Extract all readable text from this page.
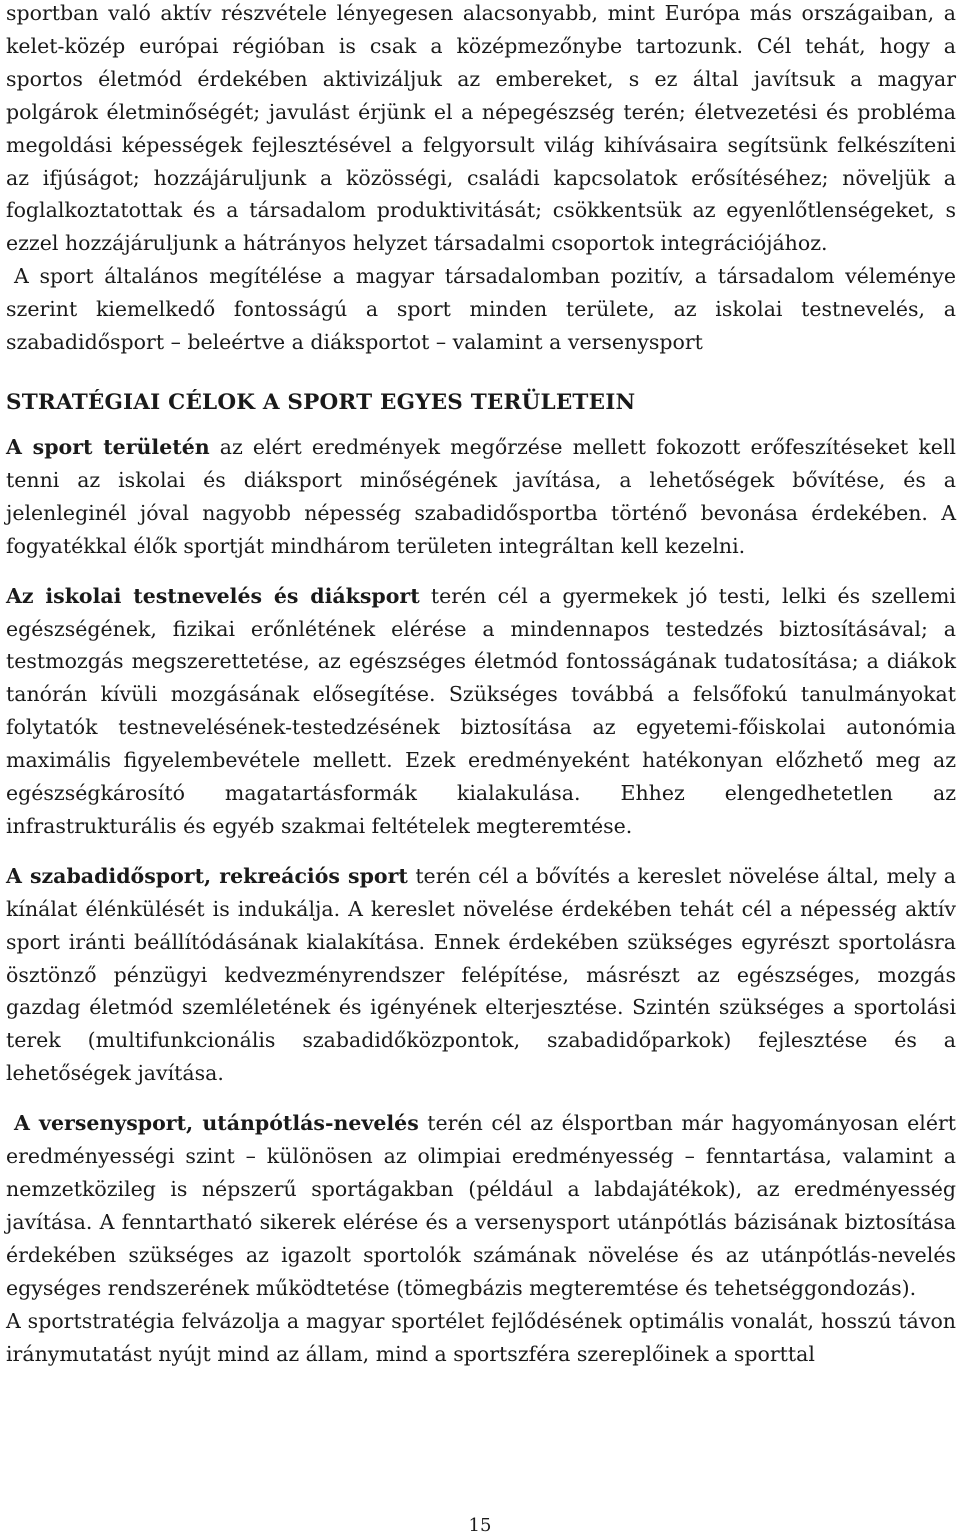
sportban való aktív részvétele lényegesen alacsonyabb, mint Európa más országaiban, a kelet-közép európai régióban is csak a középmezőnybe tartozunk. Cél tehát, hogy a sportos életmód érdekében aktivizáljuk az embereket, s ez által javítsuk a magyar polgárok életminőségét; javulást érjünk el a népegészség terén; életvezetési és probléma megoldási képességek fejlesztésével a felgyorsult világ kihívásaira segítsünk felkészíteni az ifjúságot; hozzájáruljunk a közösségi, családi kapcsolatok erősítéséhez; növeljük a foglalkoztatottak és a társadalom produktivitását; csökkentsük az egyenlőtlenségeket, s ezzel hozzájáruljunk a hátrányos helyzet társadalmi csoportok integrációjához.

A sport általános megítélése a magyar társadalomban pozitív, a társadalom véleménye szerint kiemelkedő fontosságú a sport minden területe, az iskolai testnevelés, a szabadidősport – beleértve a diáksportot – valamint a versenysport

STRATÉGIAI CÉLOK A SPORT EGYES TERÜLETEIN

A sport területén az elért eredmények megőrzése mellett fokozott erőfeszítéseket kell tenni az iskolai és diáksport minőségének javítása, a lehetőségek bővítése, és a jelenleginél jóval nagyobb népesség szabadidősportba történő bevonása érdekében. A fogyatékkal élők sportját mindhárom területen integráltan kell kezelni.

Az iskolai testnevelés és diáksport terén cél a gyermekek jó testi, lelki és szellemi egészségének, fizikai erőnlétének elérése a mindennapos testedzés biztosításával; a testmozgás megszerettetése, az egészséges életmód fontosságának tudatosítása; a diákok tanórán kívüli mozgásának elősegítése. Szükséges továbbá a felsőfokú tanulmányokat folytatók testnevelésének-testedzésének biztosítása az egyetemi-főiskolai autonómia maximális figyelembevétele mellett. Ezek eredményeként hatékonyan előzhető meg az egészségkárosító magatartásformák kialakulása. Ehhez elengedhetetlen az infrastrukturális és egyéb szakmai feltételek megteremtése.

A szabadidősport, rekreációs sport terén cél a bővítés a kereslet növelése által, mely a kínálat élénkülését is indukálja. A kereslet növelése érdekében tehát cél a népesség aktív sport iránti beállítódásának kialakítása. Ennek érdekében szükséges egyrészt sportolásra ösztönző pénzügyi kedvezményrendszer felépítése, másrészt az egészséges, mozgás gazdag életmód szemléletének és igényének elterjesztése. Szintén szükséges a sportolási terek (multifunkcionális szabadidőközpontok, szabadidőparkok) fejlesztése és a lehetőségek javítása.

A versenysport, utánpótlás-nevelés terén cél az élsportban már hagyományosan elért eredményességi szint – különösen az olimpiai eredményesség – fenntartása, valamint a nemzetközileg is népszerű sportágakban (például a labdajátékok), az eredményesség javítása. A fenntartható sikerek elérése és a versenysport utánpótlás bázisának biztosítása érdekében szükséges az igazolt sportolók számának növelése és az utánpótlás-nevelés egységes rendszerének működtetése (tömegbázis megteremtése és tehetséggondozás).

A sportstratégia felvázolja a magyar sportélet fejlődésének optimális vonalát, hosszú távon iránymutatást nyújt mind az állam, mind a sportszféra szereplőinek a sporttal

15
